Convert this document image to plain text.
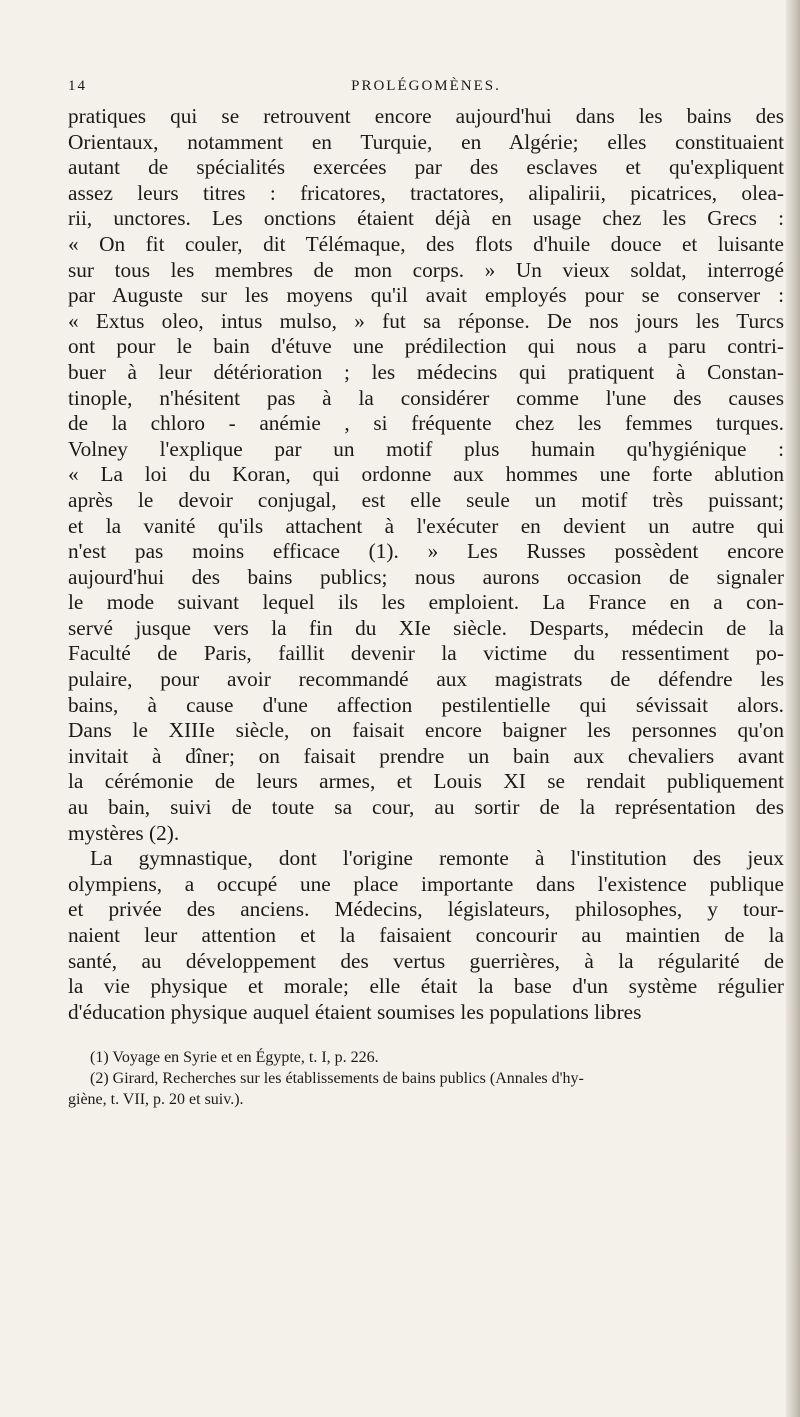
14	PROLÉGOMÈNES.

pratiques qui se retrouvent encore aujourd'hui dans les bains des
Orientaux, notamment en Turquie, en Algérie; elles constituaient
autant de spécialités exercées par des esclaves et qu'expliquent
assez leurs titres : fricatores, tractatores, alipalirii, picatrices, olea-
rii, unctores. Les onctions étaient déjà en usage chez les Grecs :
« On fit couler, dit Télémaque, des flots d'huile douce et luisante
sur tous les membres de mon corps. » Un vieux soldat, interrogé
par Auguste sur les moyens qu'il avait employés pour se conserver :
« Extus oleo, intus mulso, » fut sa réponse. De nos jours les Turcs
ont pour le bain d'étuve une prédilection qui nous a paru contri-
buer à leur détérioration ; les médecins qui pratiquent à Constan-
tinople, n'hésitent pas à la considérer comme l'une des causes
de la chloro - anémie , si fréquente chez les femmes turques.
Volney l'explique par un motif plus humain qu'hygiénique :
« La loi du Koran, qui ordonne aux hommes une forte ablution
après le devoir conjugal, est elle seule un motif très puissant;
et la vanité qu'ils attachent à l'exécuter en devient un autre qui
n'est pas moins efficace (1). » Les Russes possèdent encore
aujourd'hui des bains publics; nous aurons occasion de signaler
le mode suivant lequel ils les emploient. La France en a con-
servé jusque vers la fin du XIe siècle. Desparts, médecin de la
Faculté de Paris, faillit devenir la victime du ressentiment po-
pulaire, pour avoir recommandé aux magistrats de défendre les
bains, à cause d'une affection pestilentielle qui sévissait alors.
Dans le XIIIe siècle, on faisait encore baigner les personnes qu'on
invitait à dîner; on faisait prendre un bain aux chevaliers avant
la cérémonie de leurs armes, et Louis XI se rendait publiquement
au bain, suivi de toute sa cour, au sortir de la représentation des
mystères (2).

La gymnastique, dont l'origine remonte à l'institution des jeux
olympiens, a occupé une place importante dans l'existence publique
et privée des anciens. Médecins, législateurs, philosophes, y tour-
naient leur attention et la faisaient concourir au maintien de la
santé, au développement des vertus guerrières, à la régularité de
la vie physique et morale; elle était la base d'un système régulier
d'éducation physique auquel étaient soumises les populations libres

(1) Voyage en Syrie et en Égypte, t. I, p. 226.

(2) Girard, Recherches sur les établissements de bains publics (Annales d'hy-

giène, t. VII, p. 20 et suiv.).
